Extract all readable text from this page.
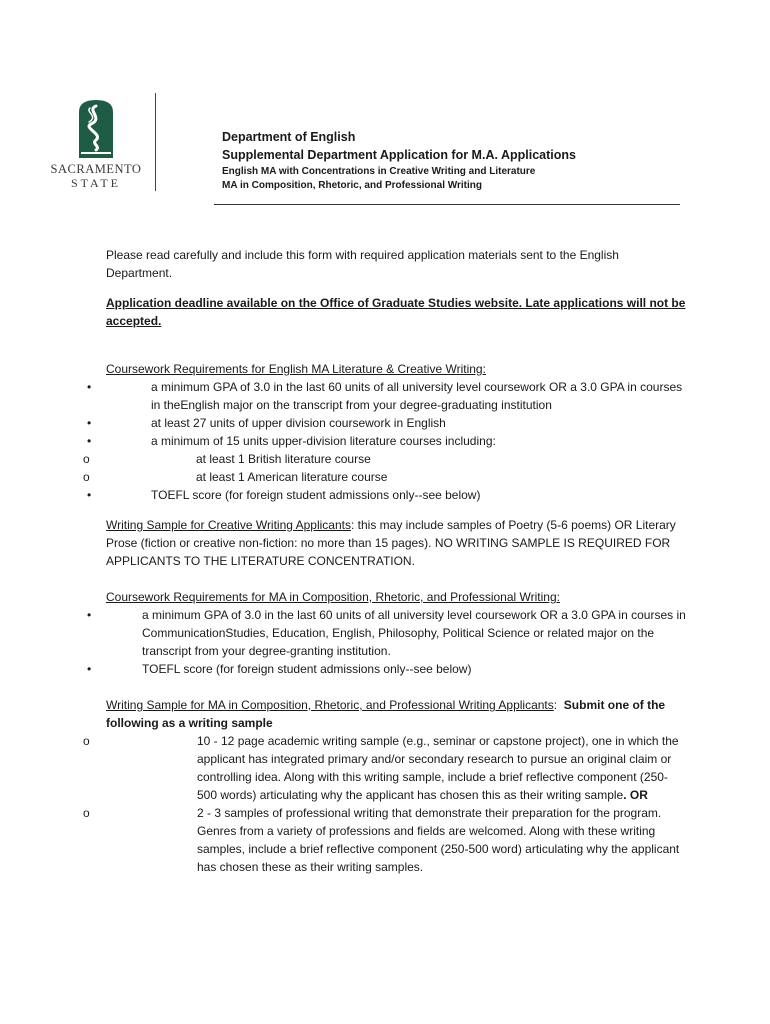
SACRAMENTO
STATE
Department of English
Supplemental Department Application for M.A. Applications
English MA with Concentrations in Creative Writing and Literature
MA in Composition, Rhetoric, and Professional Writing

Please read carefully and include this form with required application materials sent to the English Department.

Application deadline available on the Office of Graduate Studies website. Late applications will not be accepted.

Coursework Requirements for English MA Literature & Creative Writing:

• a minimum GPA of 3.0 in the last 60 units of all university level coursework OR a 3.0 GPA in courses in theEnglish major on the transcript from your degree-graduating institution
• at least 27 units of upper division coursework in English
• a minimum of 15 units upper-division literature courses including:
o at least 1 British literature course
o at least 1 American literature course
• TOEFL score (for foreign student admissions only--see below)

Writing Sample for Creative Writing Applicants: this may include samples of Poetry (5-6 poems) OR Literary Prose (fiction or creative non-fiction: no more than 15 pages). NO WRITING SAMPLE IS REQUIRED FOR APPLICANTS TO THE LITERATURE CONCENTRATION.

Coursework Requirements for MA in Composition, Rhetoric, and Professional Writing:

• a minimum GPA of 3.0 in the last 60 units of all university level coursework OR a 3.0 GPA in courses in CommunicationStudies, Education, English, Philosophy, Political Science or related major on the transcript from your degree-granting institution.
• TOEFL score (for foreign student admissions only--see below)

Writing Sample for MA in Composition, Rhetoric, and Professional Writing Applicants: Submit one of the following as a writing sample

o 10 - 12 page academic writing sample (e.g., seminar or capstone project), one in which the applicant has integrated primary and/or secondary research to pursue an original claim or controlling idea. Along with this writing sample, include a brief reflective component (250-500 words) articulating why the applicant has chosen this as their writing sample. OR
o 2 - 3 samples of professional writing that demonstrate their preparation for the program. Genres from a variety of professions and fields are welcomed. Along with these writing samples, include a brief reflective component (250-500 word) articulating why the applicant has chosen these as their writing samples.
